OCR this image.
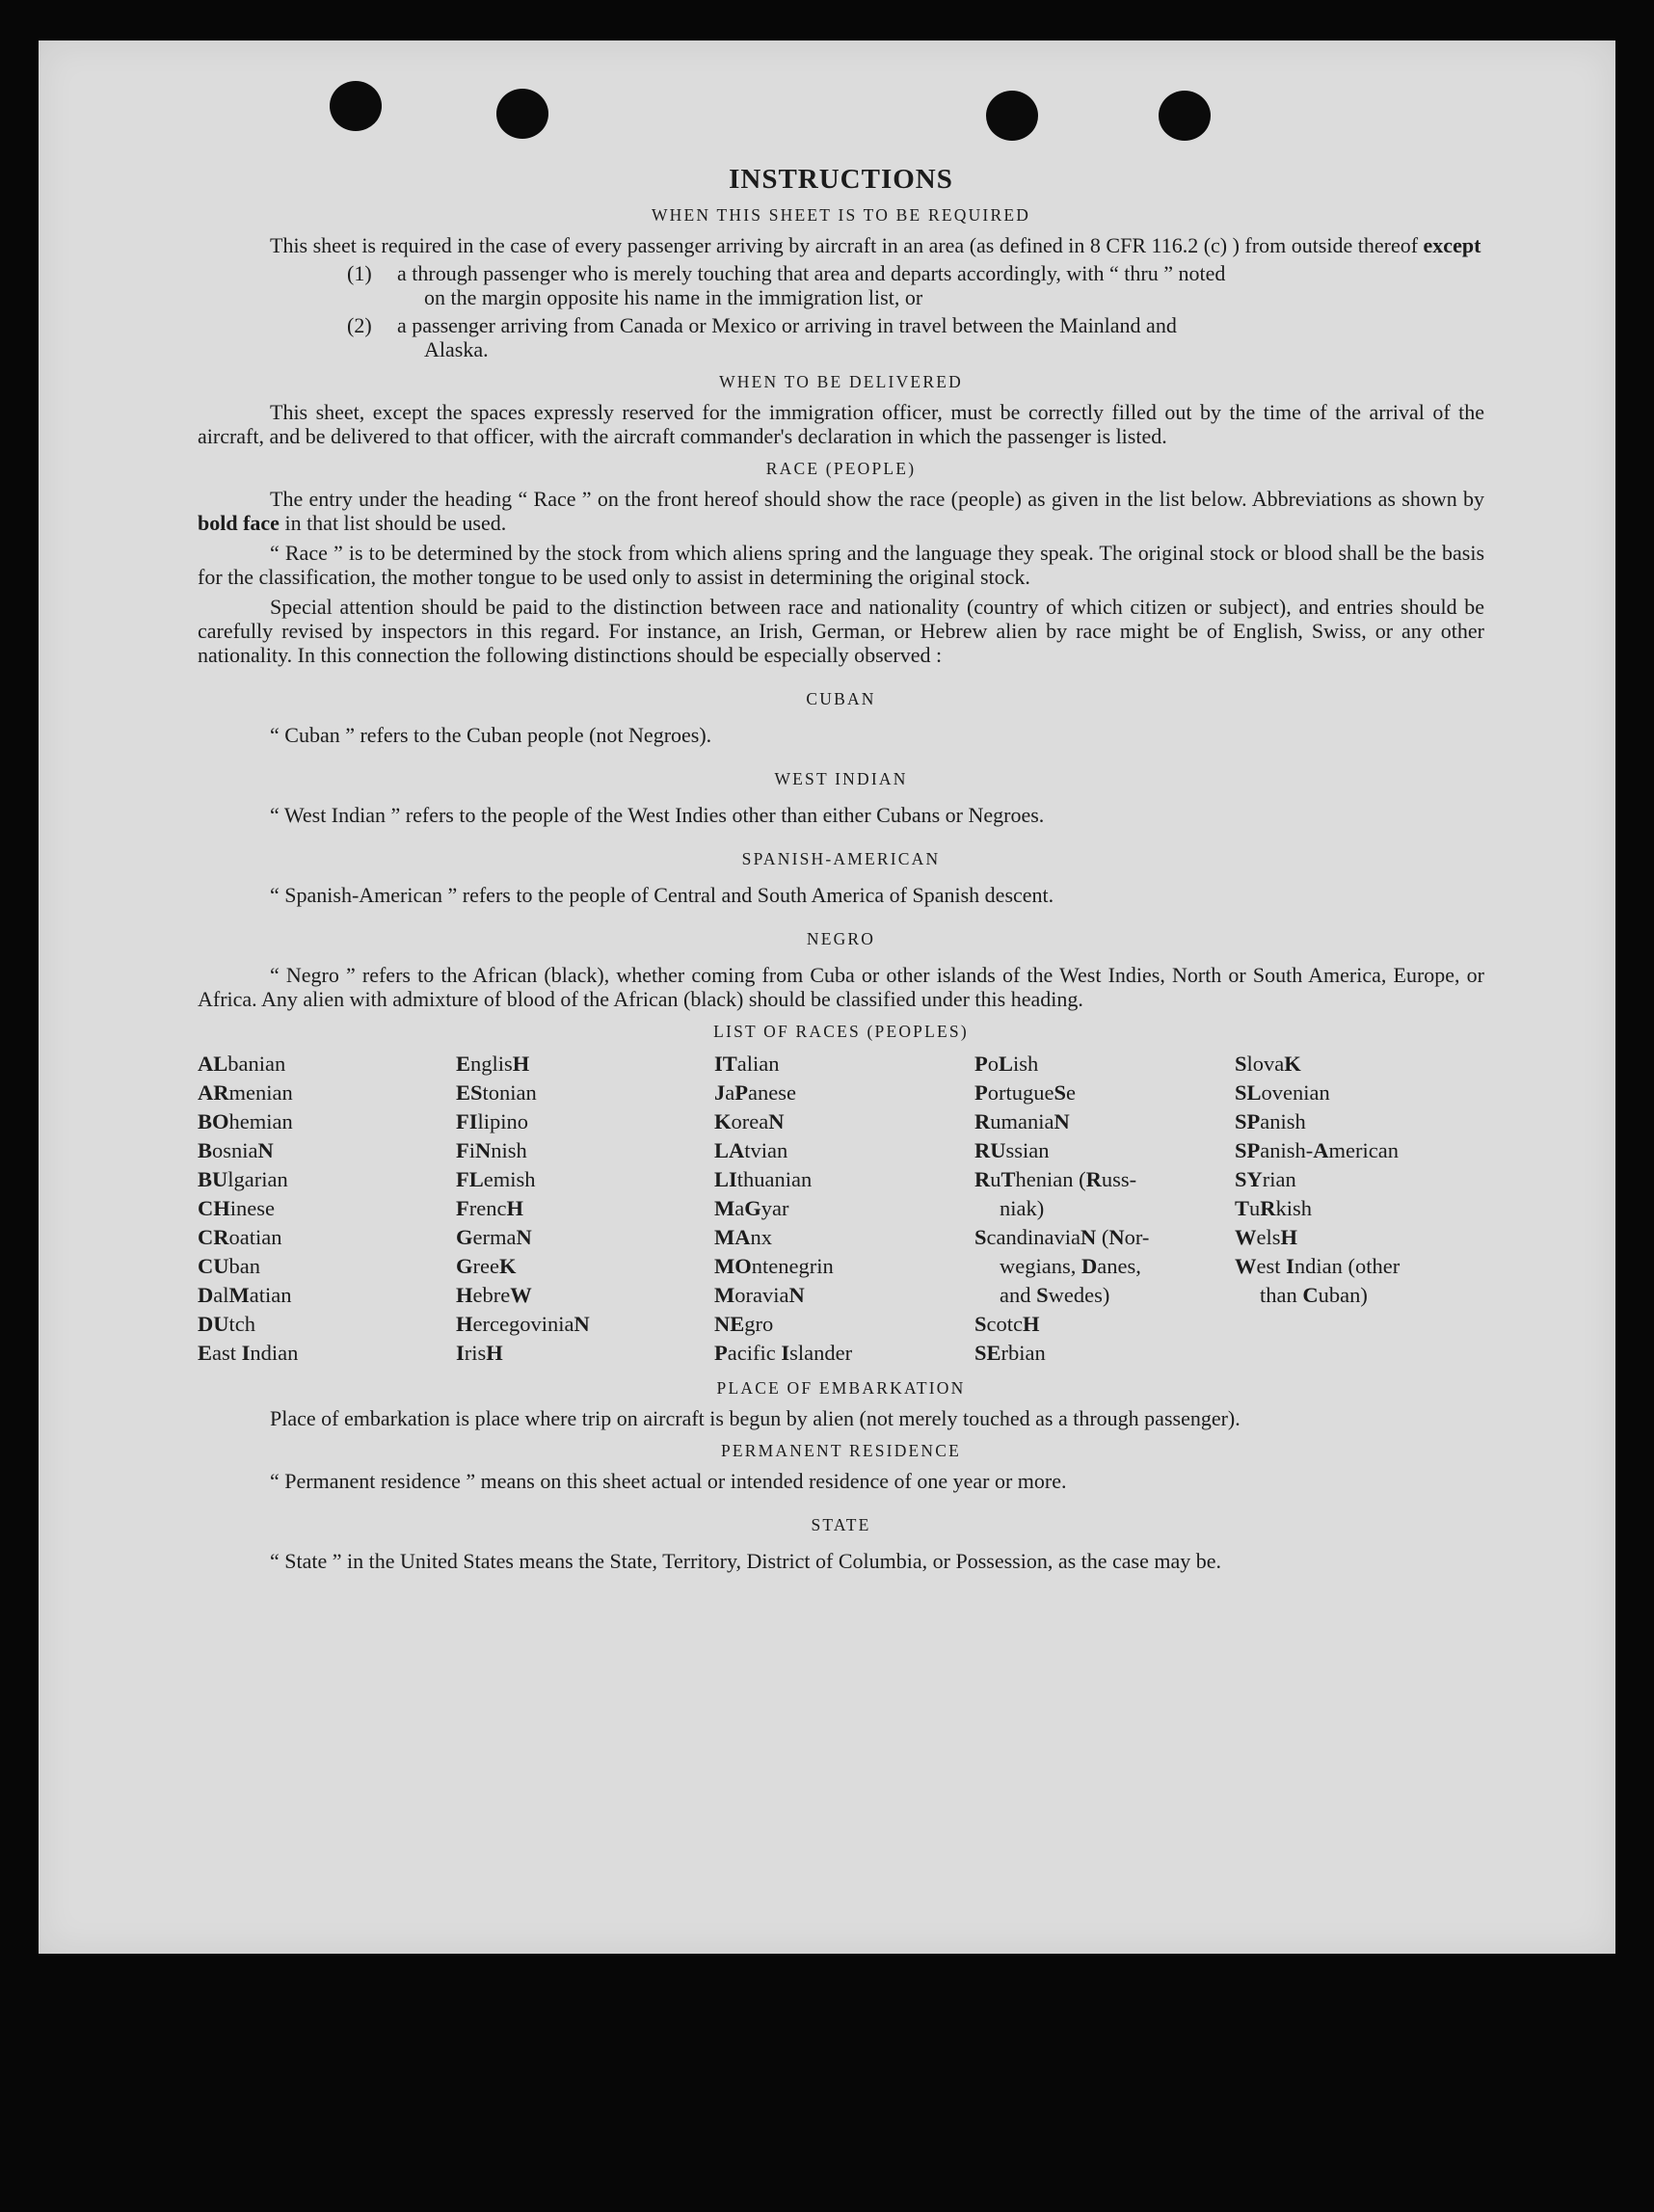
INSTRUCTIONS
WHEN THIS SHEET IS TO BE REQUIRED

This sheet is required in the case of every passenger arriving by aircraft in an area (as defined in 8 CFR 116.2 (c) ) from outside thereof except

(1)	a through passenger who is merely touching that area and departs accordingly, with “ thru ” noted
on the margin opposite his name in the immigration list, or
(2)	a passenger arriving from Canada or Mexico or arriving in travel between the Mainland and
Alaska.
WHEN TO BE DELIVERED

This sheet, except the spaces expressly reserved for the immigration officer, must be correctly filled out by the time of the arrival of the aircraft, and be delivered to that officer, with the aircraft commander's declaration in which the passenger is listed.

RACE (PEOPLE)

The entry under the heading “ Race ” on the front hereof should show the race (people) as given in the list below. Abbreviations as shown by bold face in that list should be used.

“ Race ” is to be determined by the stock from which aliens spring and the language they speak. The original stock or blood shall be the basis for the classification, the mother tongue to be used only to assist in determining the original stock.

Special attention should be paid to the distinction between race and nationality (country of which citizen or subject), and entries should be carefully revised by inspectors in this regard. For instance, an Irish, German, or Hebrew alien by race might be of English, Swiss, or any other nationality. In this connection the following distinctions should be especially observed :

CUBAN

“ Cuban ” refers to the Cuban people (not Negroes).

WEST INDIAN

“ West Indian ” refers to the people of the West Indies other than either Cubans or Negroes.

SPANISH-AMERICAN

“ Spanish-American ” refers to the people of Central and South America of Spanish descent.

NEGRO

“ Negro ” refers to the African (black), whether coming from Cuba or other islands of the West Indies, North or South America, Europe, or Africa. Any alien with admixture of blood of the African (black) should be classified under this heading.

LIST OF RACES (PEOPLES)
ALbanian
ARmenian
BOhemian
BosniaN
BUlgarian
CHinese
CRoatian
CUban
DalMatian
DUtch
East Indian
EnglisH
EStonian
FIlipino
FiNnish
FLemish
FrencH
GermaN
GreeK
HebreW
HercegoviniaN
IrisH
ITalian
JaPanese
KoreaN
LAtvian
LIthuanian
MaGyar
MAnx
MOntenegrin
MoraviaN
NEgro
Pacific Islander
PoLish
PortugueSe
RumaniaN
RUssian
RuThenian (Russ-
niak)
ScandinaviaN (Nor-
wegians, Danes,
and Swedes)
ScotcH
SErbian
SlovaK
SLovenian
SPanish
SPanish-American
SYrian
TuRkish
WelsH
West Indian (other
than Cuban)
PLACE OF EMBARKATION

Place of embarkation is place where trip on aircraft is begun by alien (not merely touched as a through passenger).

PERMANENT RESIDENCE

“ Permanent residence ” means on this sheet actual or intended residence of one year or more.

STATE

“ State ” in the United States means the State, Territory, District of Columbia, or Possession, as the case may be.
